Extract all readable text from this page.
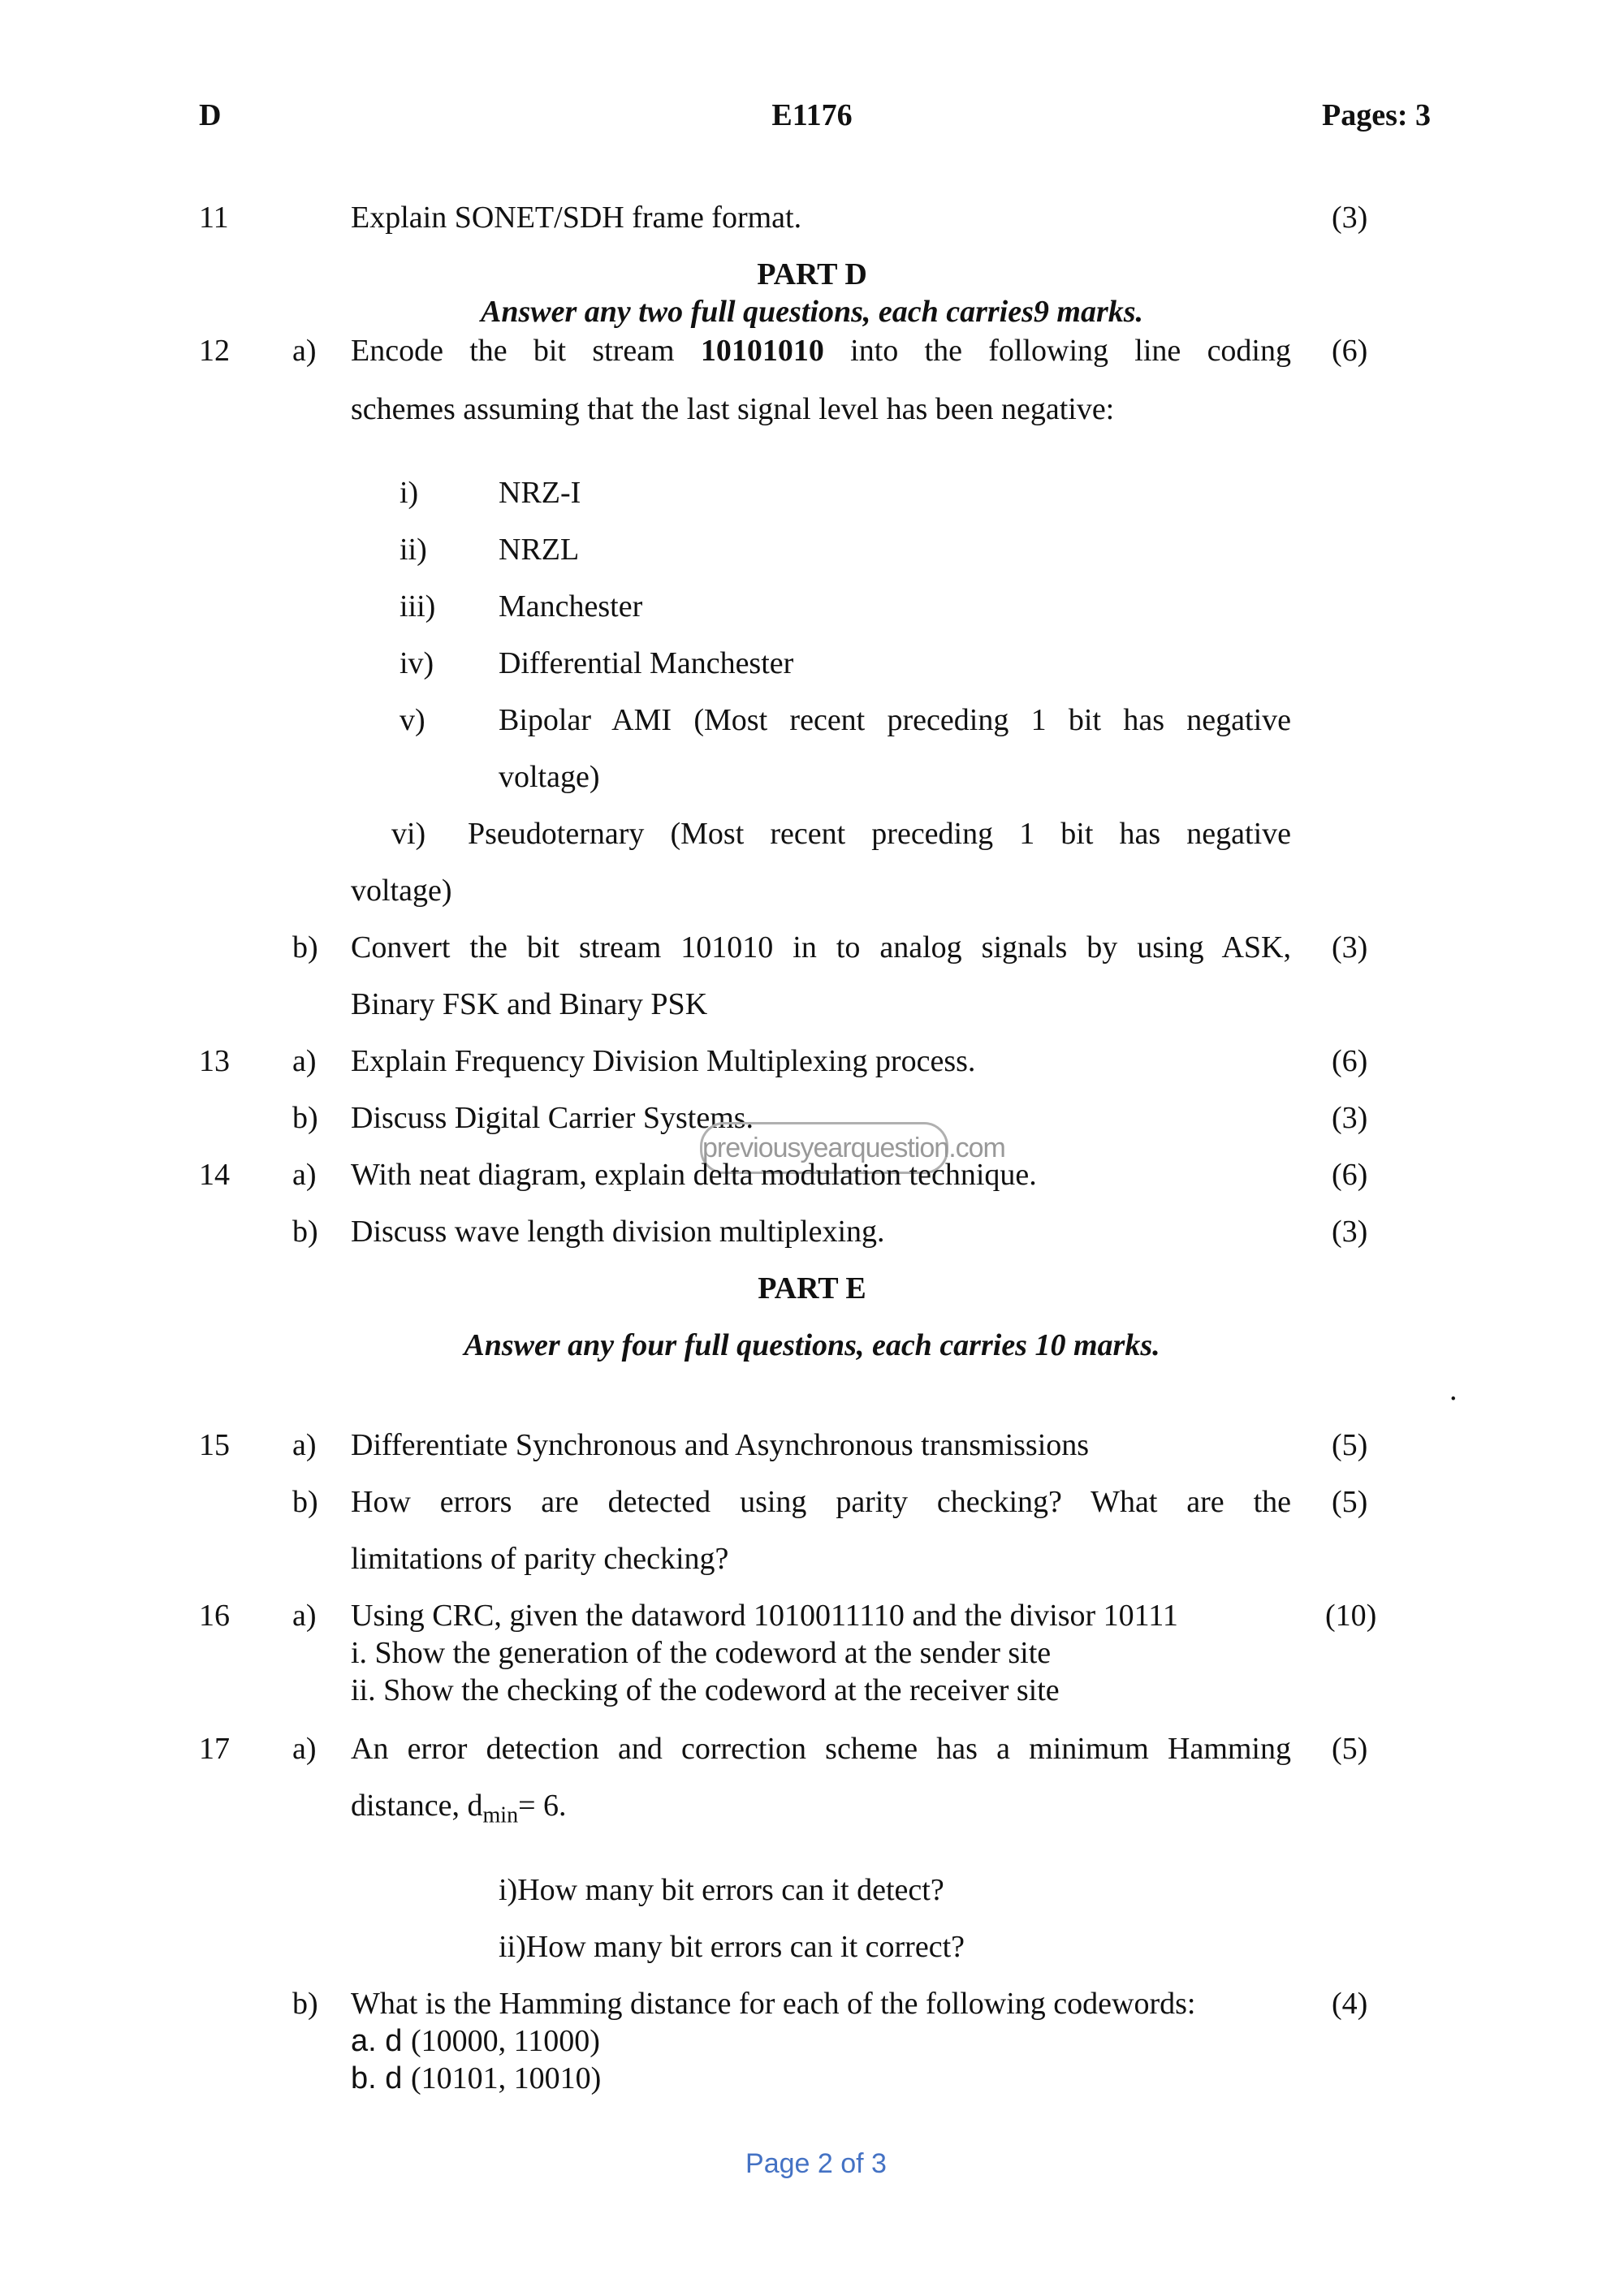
D	E1176	Pages: 3
11	Explain SONET/SDH frame format.	(3)
PART D
Answer any two full questions, each carries9 marks.
12 a) Encode the bit stream 10101010 into the following line coding (6)
schemes assuming that the last signal level has been negative:
i)	NRZ-I
ii) NRZL
iii) Manchester
iv) Differential Manchester
v) Bipolar AMI (Most recent preceding 1 bit has negative
voltage)
vi) Pseudoternary (Most recent preceding 1 bit has negative
voltage)
b) Convert the bit stream 101010 in to analog signals by using ASK, (3)
Binary FSK and Binary PSK
13 a) Explain Frequency Division Multiplexing process.	(6)
b) Discuss Digital Carrier Systems.	(3)
previousyearquestion.com
14 a) With neat diagram, explain delta modulation technique.	(6)
b) Discuss wave length division multiplexing.	(3)
PART E
Answer any four full questions, each carries 10 marks.
.
15 a) Differentiate Synchronous and Asynchronous transmissions	(5)
b) How errors are detected using parity checking? What are the (5)
limitations of parity checking?
16 a) Using CRC, given the dataword 1010011110 and the divisor 10111	(10)
i. Show the generation of the codeword at the sender site
ii. Show the checking of the codeword at the receiver site
17 a) An error detection and correction scheme has a minimum Hamming (5)
distance, $d_{min}= 6$.
i)How many bit errors can it detect?
ii)How many bit errors can it correct?
b) What is the Hamming distance for each of the following codewords:	(4)
a. d (10000, 11000)
b. d (10101, 10010)
Page 2 of 3
